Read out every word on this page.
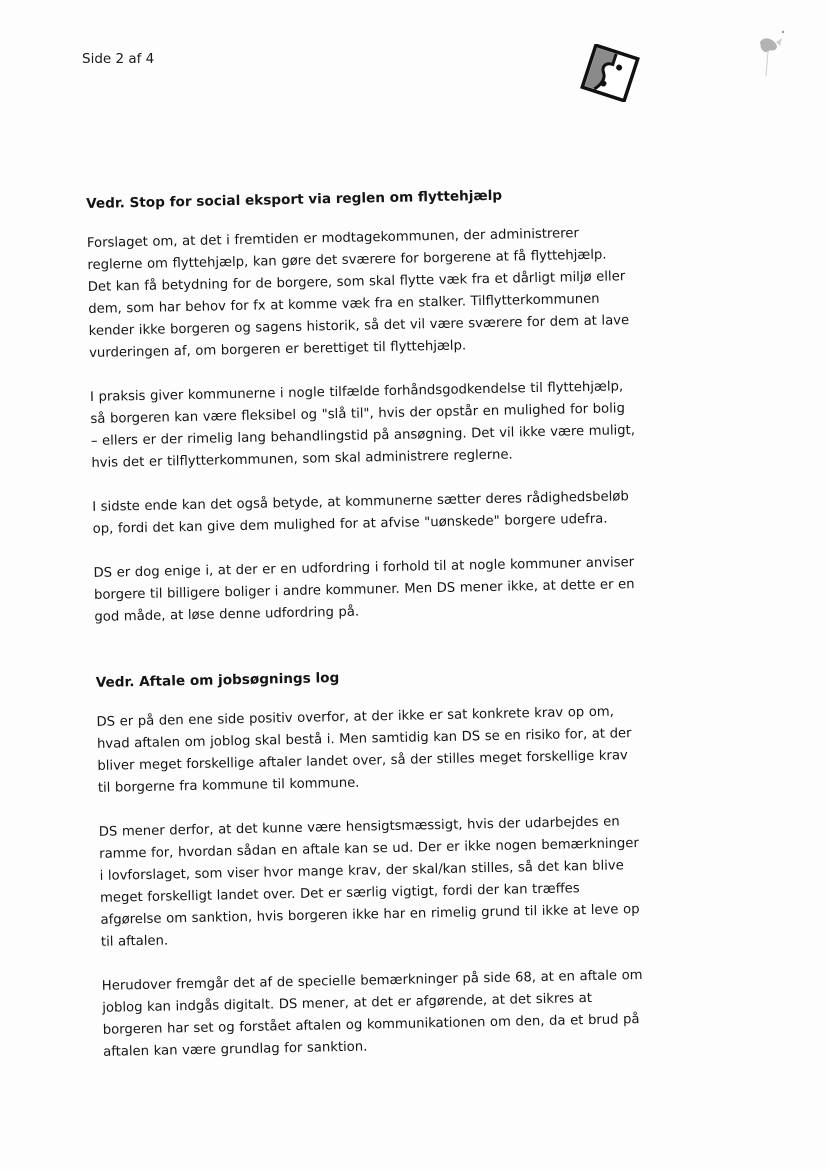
Side 2 af 4
Vedr. Stop for social eksport via reglen om flyttehjælp

Forslaget om, at det i fremtiden er modtagekommunen, der administrerer reglerne om flyttehjælp, kan gøre det sværere for borgerene at få flyttehjælp. Det kan få betydning for de borgere, som skal flytte væk fra et dårligt miljø eller dem, som har behov for fx at komme væk fra en stalker. Tilflytterkommunen kender ikke borgeren og sagens historik, så det vil være sværere for dem at lave vurderingen af, om borgeren er berettiget til flyttehjælp.

I praksis giver kommunerne i nogle tilfælde forhåndsgodkendelse til flyttehjælp, så borgeren kan være fleksibel og "slå til", hvis der opstår en mulighed for bolig – ellers er der rimelig lang behandlingstid på ansøgning. Det vil ikke være muligt, hvis det er tilflytterkommunen, som skal administrere reglerne.

I sidste ende kan det også betyde, at kommunerne sætter deres rådighedsbeløb op, fordi det kan give dem mulighed for at afvise "uønskede" borgere udefra.

DS er dog enige i, at der er en udfordring i forhold til at nogle kommuner anviser borgere til billigere boliger i andre kommuner. Men DS mener ikke, at dette er en god måde, at løse denne udfordring på.

Vedr. Aftale om jobsøgnings log

DS er på den ene side positiv overfor, at der ikke er sat konkrete krav op om, hvad aftalen om joblog skal bestå i. Men samtidig kan DS se en risiko for, at der bliver meget forskellige aftaler landet over, så der stilles meget forskellige krav til borgerne fra kommune til kommune.

DS mener derfor, at det kunne være hensigtsmæssigt, hvis der udarbejdes en ramme for, hvordan sådan en aftale kan se ud. Der er ikke nogen bemærkninger i lovforslaget, som viser hvor mange krav, der skal/kan stilles, så det kan blive meget forskelligt landet over. Det er særlig vigtigt, fordi der kan træffes afgørelse om sanktion, hvis borgeren ikke har en rimelig grund til ikke at leve op til aftalen.

Herudover fremgår det af de specielle bemærkninger på side 68, at en aftale om joblog kan indgås digitalt. DS mener, at det er afgørende, at det sikres at borgeren har set og forstået aftalen og kommunikationen om den, da et brud på aftalen kan være grundlag for sanktion.
